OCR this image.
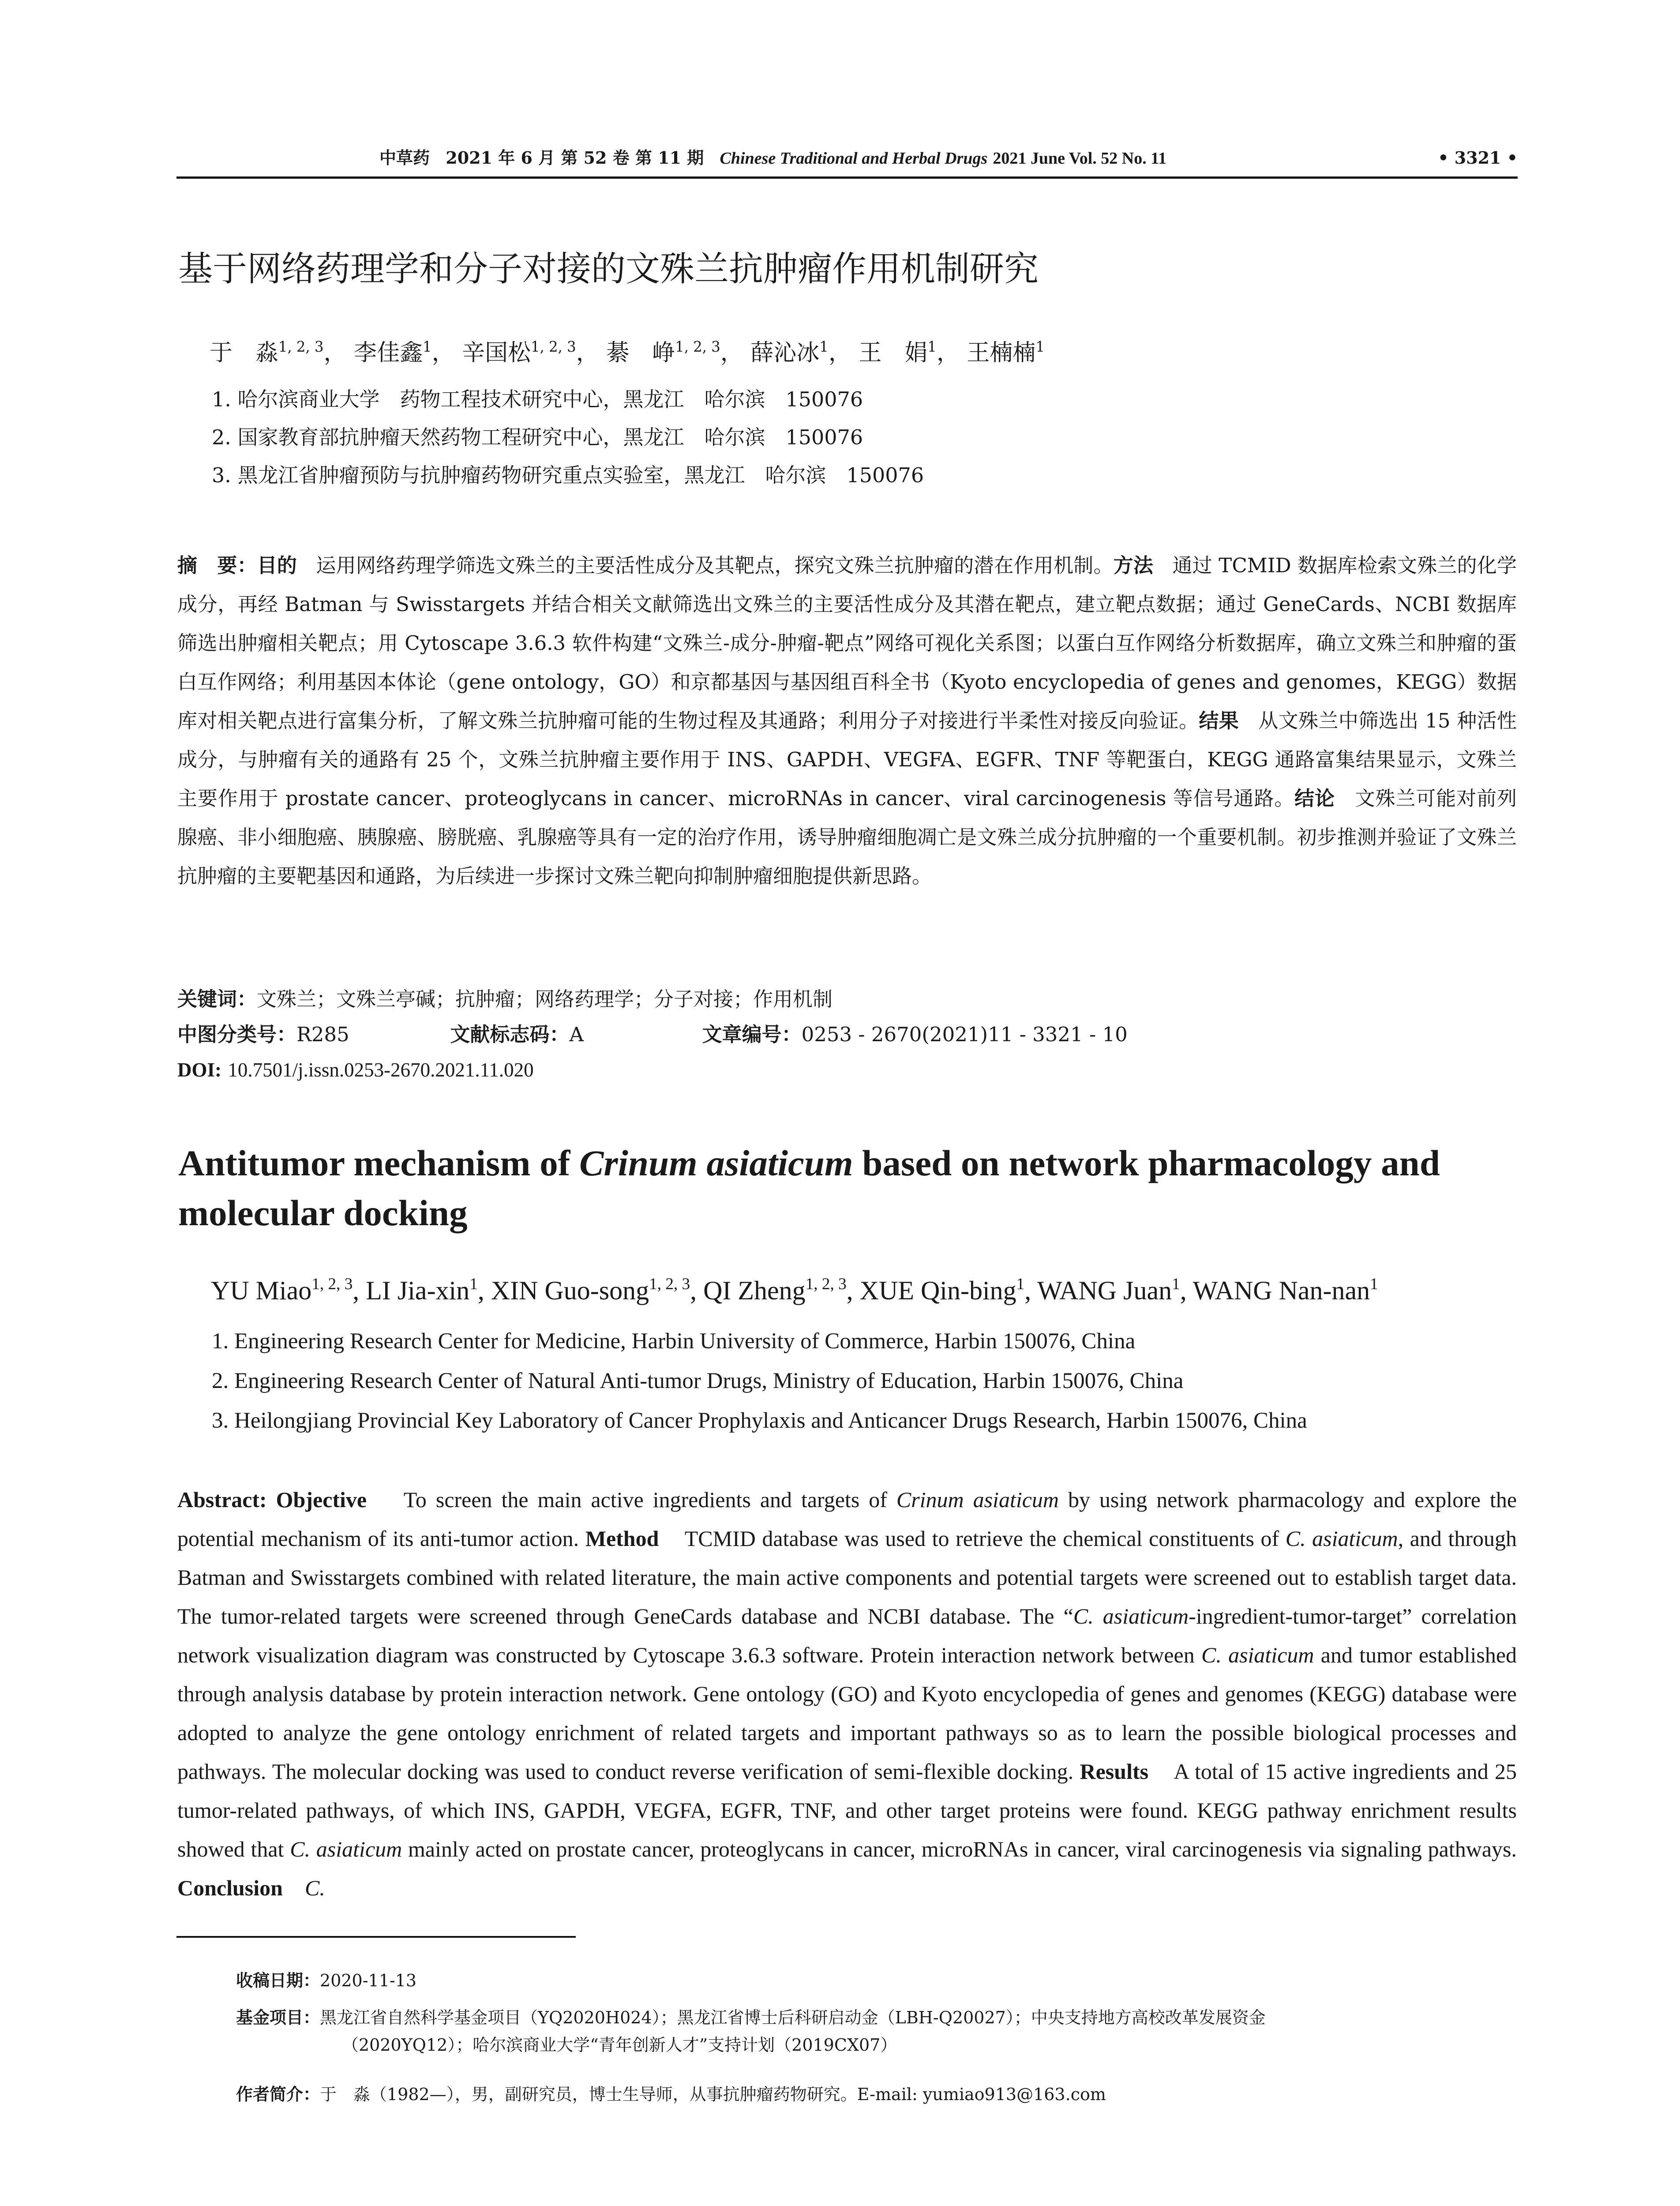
中草药 2021 年 6 月 第 52 卷 第 11 期 Chinese Traditional and Herbal Drugs 2021 June Vol. 52 No. 11	• 3321 •
基于网络药理学和分子对接的文殊兰抗肿瘤作用机制研究
于　淼$^{1, 2, 3}$， 李佳鑫$^1$， 辛国松$^{1, 2, 3}$， 綦　峥$^{1, 2, 3}$， 薛沁冰$^1$， 王　娟$^1$， 王楠楠$^1$
1. 哈尔滨商业大学　药物工程技术研究中心，黑龙江　哈尔滨　150076
2. 国家教育部抗肿瘤天然药物工程研究中心，黑龙江　哈尔滨　150076
3. 黑龙江省肿瘤预防与抗肿瘤药物研究重点实验室，黑龙江　哈尔滨　150076
摘　要：目的 运用网络药理学筛选文殊兰的主要活性成分及其靶点，探究文殊兰抗肿瘤的潜在作用机制。方法 通过 TCMID 数据库检索文殊兰的化学成分，再经 Batman 与 Swisstargets 并结合相关文献筛选出文殊兰的主要活性成分及其潜在靶点，建立靶点数据；通过 GeneCards、NCBI 数据库筛选出肿瘤相关靶点；用 Cytoscape 3.6.3 软件构建“文殊兰-成分-肿瘤-靶点”网络可视化关系图；以蛋白互作网络分析数据库，确立文殊兰和肿瘤的蛋白互作网络；利用基因本体论（gene ontology，GO）和京都基因与基因组百科全书（Kyoto encyclopedia of genes and genomes，KEGG）数据库对相关靶点进行富集分析，了解文殊兰抗肿瘤可能的生物过程及其通路；利用分子对接进行半柔性对接反向验证。结果 从文殊兰中筛选出 15 种活性成分，与肿瘤有关的通路有 25 个，文殊兰抗肿瘤主要作用于 INS、GAPDH、VEGFA、EGFR、TNF 等靶蛋白，KEGG 通路富集结果显示，文殊兰主要作用于 prostate cancer、proteoglycans in cancer、microRNAs in cancer、viral carcinogenesis 等信号通路。结论 文殊兰可能对前列腺癌、非小细胞癌、胰腺癌、膀胱癌、乳腺癌等具有一定的治疗作用，诱导肿瘤细胞凋亡是文殊兰成分抗肿瘤的一个重要机制。初步推测并验证了文殊兰抗肿瘤的主要靶基因和通路，为后续进一步探讨文殊兰靶向抑制肿瘤细胞提供新思路。
关键词：文殊兰；文殊兰亭碱；抗肿瘤；网络药理学；分子对接；作用机制
中图分类号：R285	文献标志码：A	文章编号：0253 - 2670(2021)11 - 3321 - 10
DOI: 10.7501/j.issn.0253-2670.2021.11.020
Antitumor mechanism of Crinum asiaticum based on network pharmacology and molecular docking
YU Miao$^{1, 2, 3}$, LI Jia-xin$^1$, XIN Guo-song$^{1, 2, 3}$, QI Zheng$^{1, 2, 3}$, XUE Qin-bing$^1$, WANG Juan$^1$, WANG Nan-nan$^1$
1. Engineering Research Center for Medicine, Harbin University of Commerce, Harbin 150076, China
2. Engineering Research Center of Natural Anti-tumor Drugs, Ministry of Education, Harbin 150076, China
3. Heilongjiang Provincial Key Laboratory of Cancer Prophylaxis and Anticancer Drugs Research, Harbin 150076, China
Abstract: Objective To screen the main active ingredients and targets of Crinum asiaticum by using network pharmacology and explore the potential mechanism of its anti-tumor action. Method TCMID database was used to retrieve the chemical constituents of C. asiaticum, and through Batman and Swisstargets combined with related literature, the main active components and potential targets were screened out to establish target data. The tumor-related targets were screened through GeneCards database and NCBI database. The “C. asiaticum-ingredient-tumor-target” correlation network visualization diagram was constructed by Cytoscape 3.6.3 software. Protein interaction network between C. asiaticum and tumor established through analysis database by protein interaction network. Gene ontology (GO) and Kyoto encyclopedia of genes and genomes (KEGG) database were adopted to analyze the gene ontology enrichment of related targets and important pathways so as to learn the possible biological processes and pathways. The molecular docking was used to conduct reverse verification of semi-flexible docking. Results A total of 15 active ingredients and 25 tumor-related pathways, of which INS, GAPDH, VEGFA, EGFR, TNF, and other target proteins were found. KEGG pathway enrichment results showed that C. asiaticum mainly acted on prostate cancer, proteoglycans in cancer, microRNAs in cancer, viral carcinogenesis via signaling pathways. Conclusion C.
收稿日期：2020-11-13
基金项目：黑龙江省自然科学基金项目（YQ2020H024）；黑龙江省博士后科研启动金（LBH-Q20027）；中央支持地方高校改革发展资金
（2020YQ12）；哈尔滨商业大学“青年创新人才”支持计划（2019CX07）
作者简介：于　淼（1982—），男，副研究员，博士生导师，从事抗肿瘤药物研究。E-mail: yumiao913@163.com
